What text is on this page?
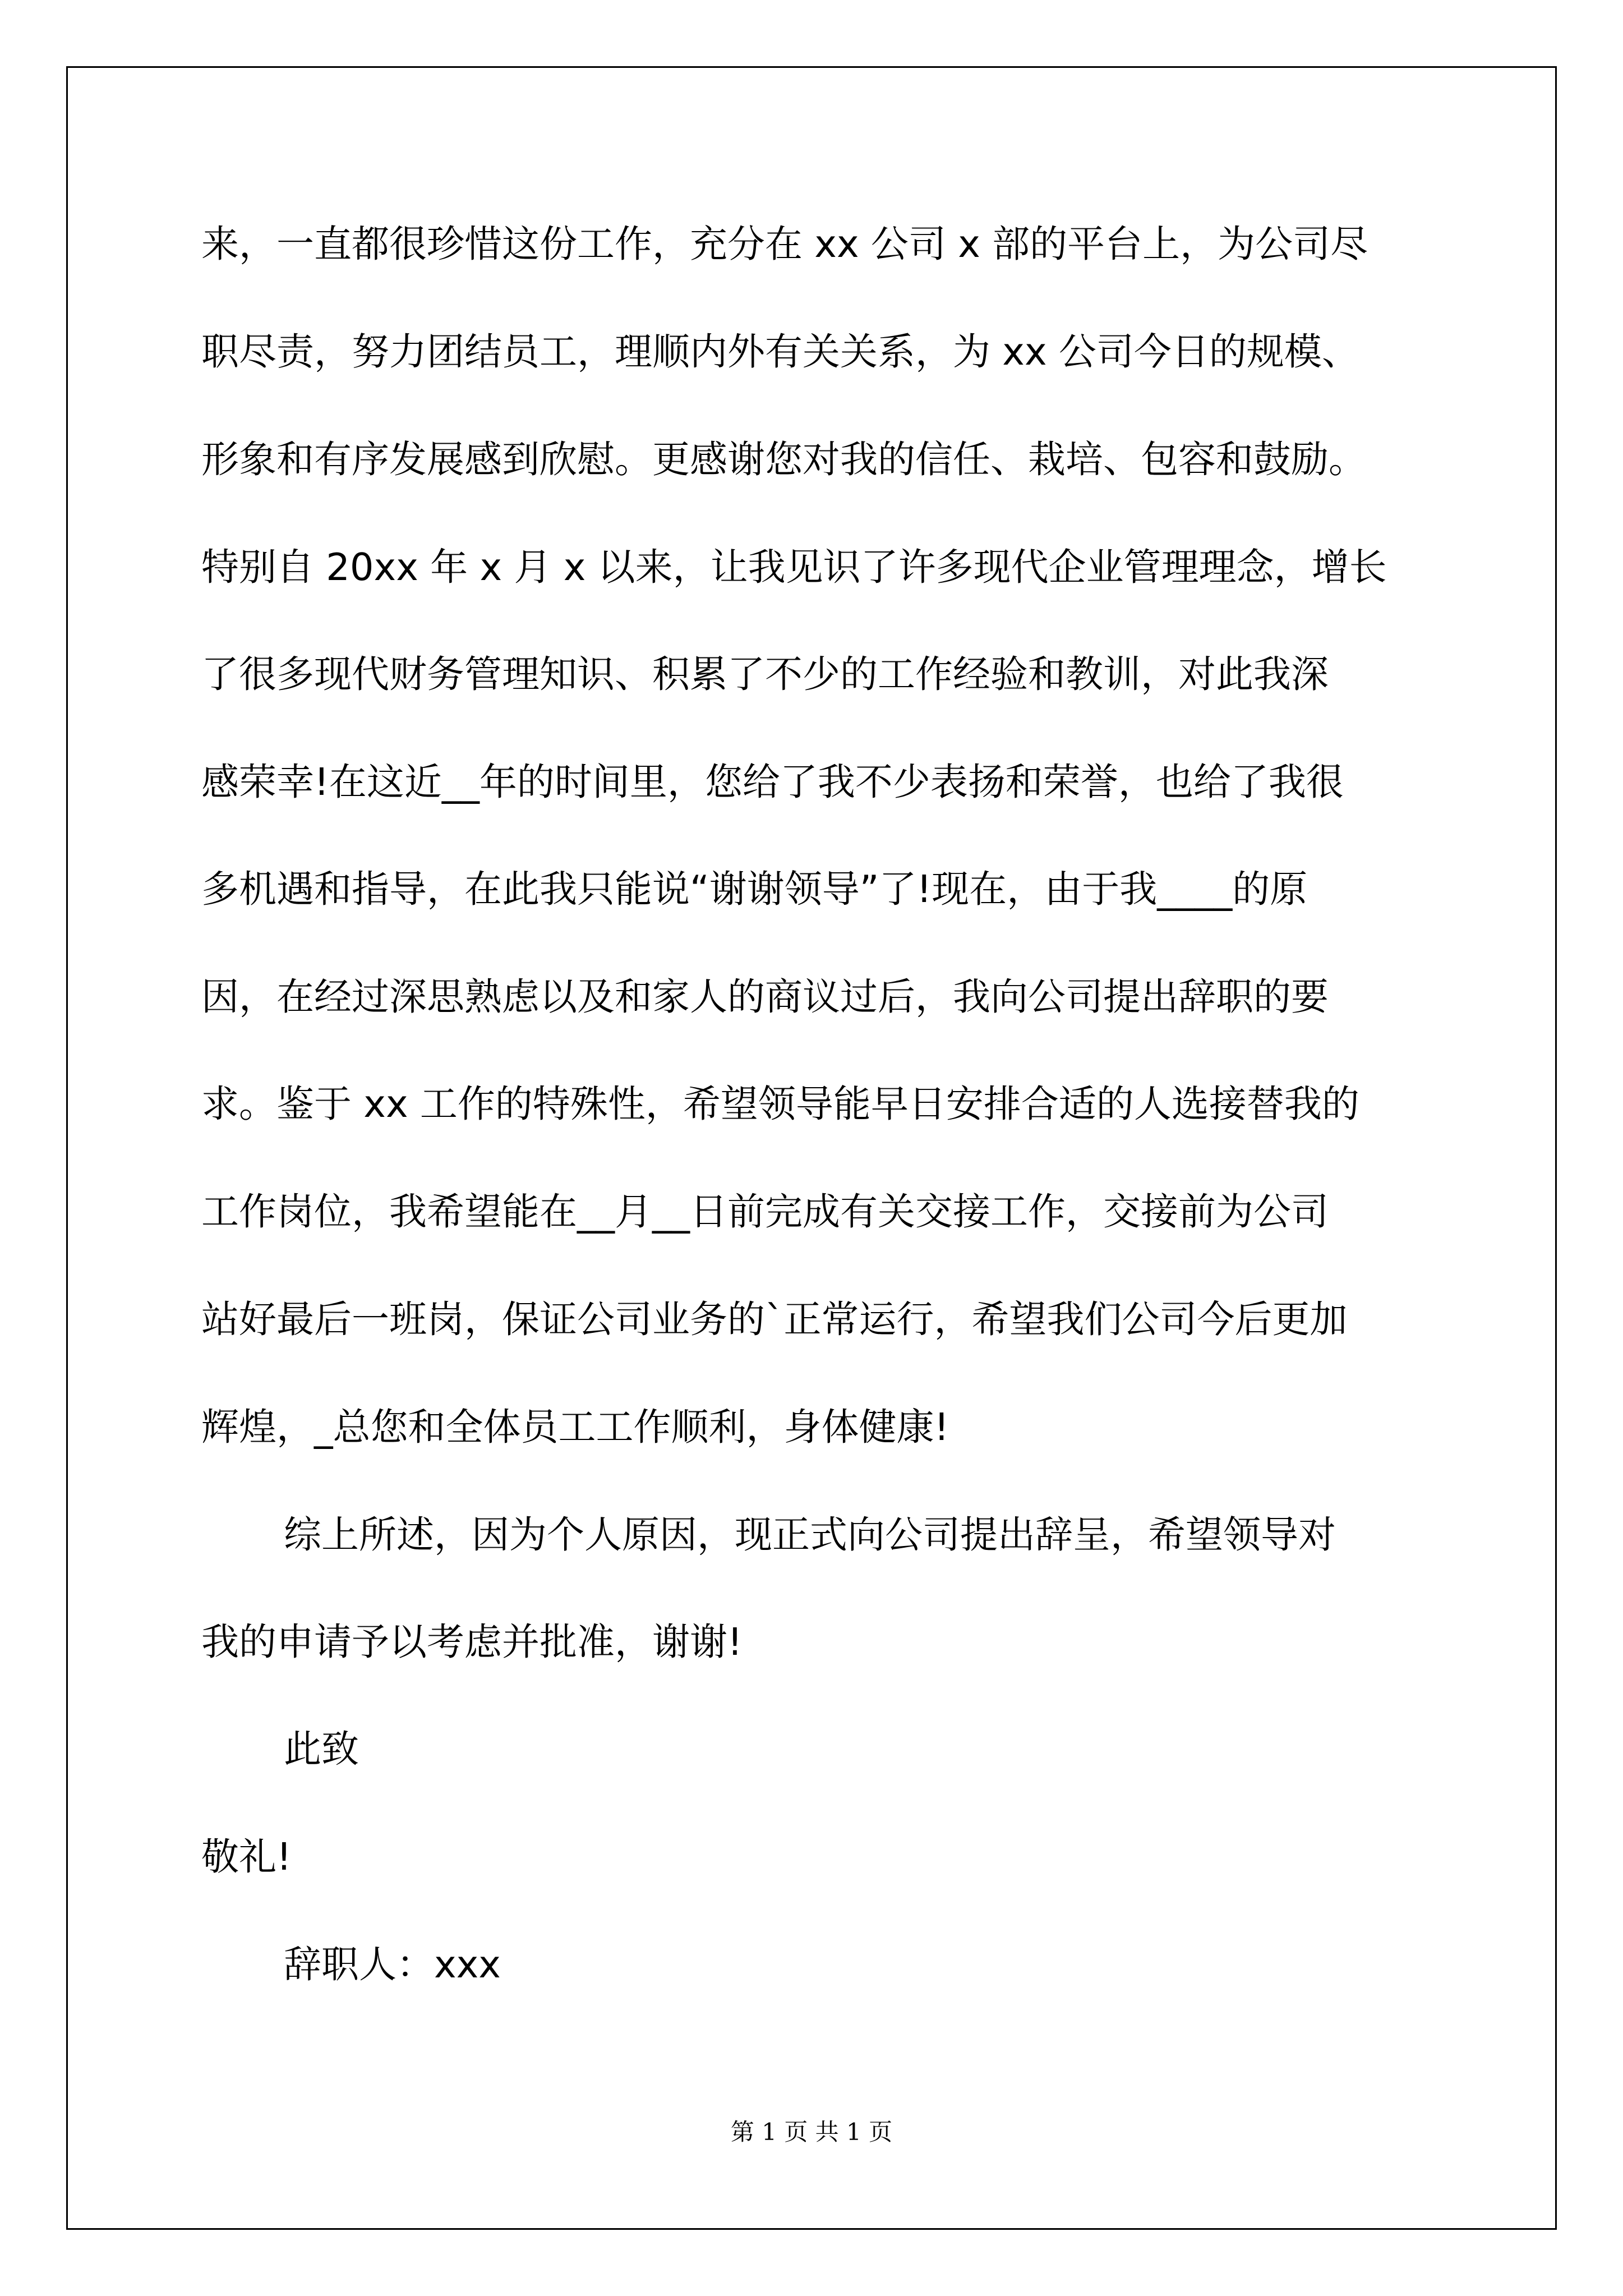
来，一直都很珍惜这份工作，充分在 xx 公司 x 部的平台上，为公司尽
职尽责，努力团结员工，理顺内外有关关系，为 xx 公司今日的规模、
形象和有序发展感到欣慰。更感谢您对我的信任、栽培、包容和鼓励。
特别自 20xx 年 x 月 x 以来，让我见识了许多现代企业管理理念，增长
了很多现代财务管理知识、积累了不少的工作经验和教训，对此我深
感荣幸!在这近__年的时间里，您给了我不少表扬和荣誉，也给了我很
多机遇和指导，在此我只能说“谢谢领导”了!现在，由于我____的原
因，在经过深思熟虑以及和家人的商议过后，我向公司提出辞职的要
求。鉴于 xx 工作的特殊性，希望领导能早日安排合适的人选接替我的
工作岗位，我希望能在__月__日前完成有关交接工作，交接前为公司
站好最后一班岗，保证公司业务的`正常运行，希望我们公司今后更加
辉煌，_总您和全体员工工作顺利，身体健康!
综上所述，因为个人原因，现正式向公司提出辞呈，希望领导对
我的申请予以考虑并批准，谢谢!
此致
敬礼!
辞职人：xxx
第 1 页 共 1 页
